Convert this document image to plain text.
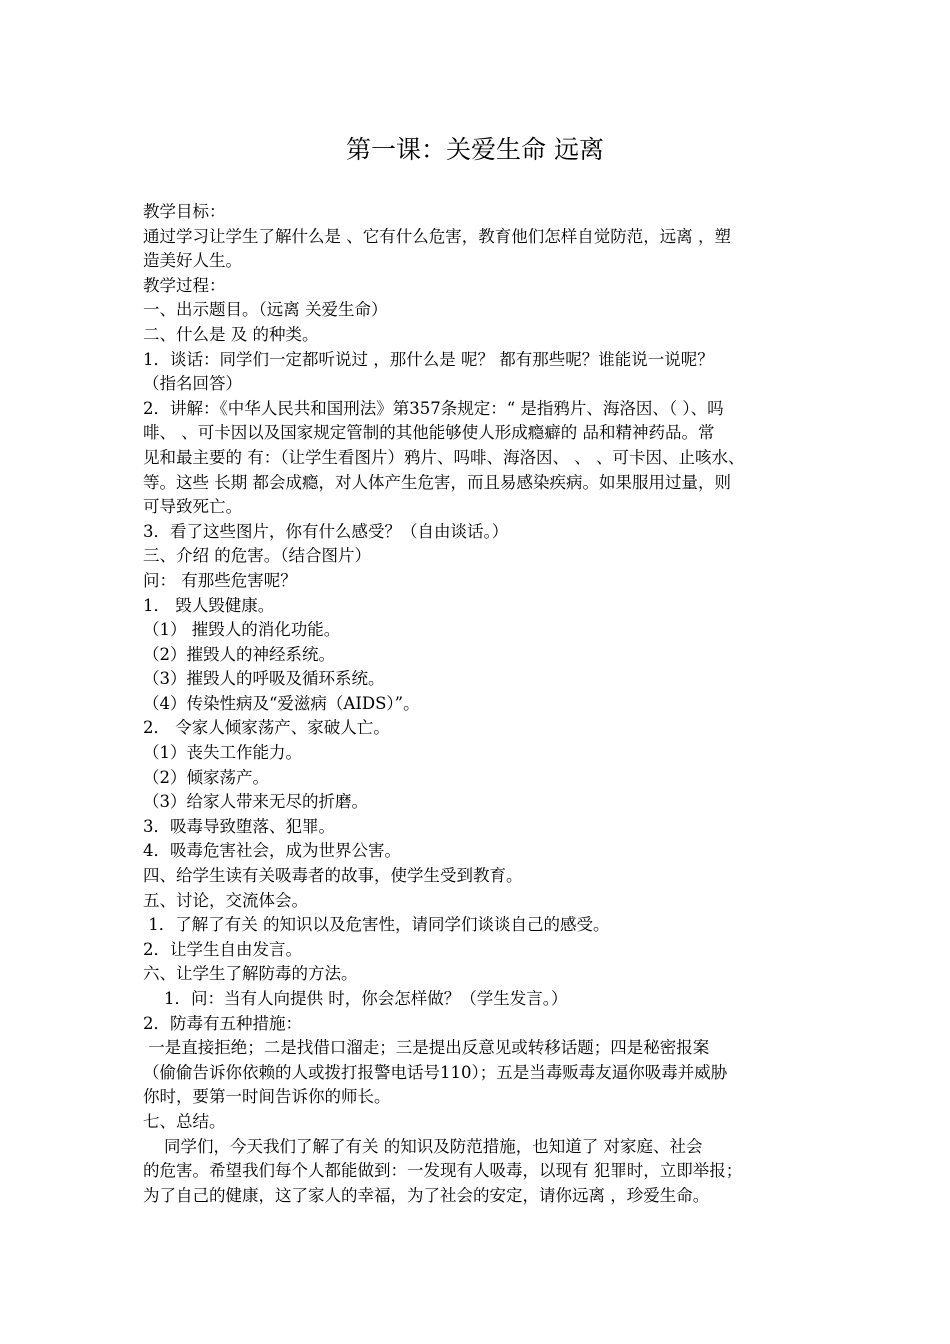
第一课：关爱生命 远离
教学目标：
通过学习让学生了解什么是 、它有什么危害，教育他们怎样自觉防范，远离 ，塑
造美好人生。
教学过程：
一、出示题目。（远离 关爱生命）
二、什么是 及 的种类。
1．谈话：同学们一定都听说过 ，那什么是 呢？ 都有那些呢？谁能说一说呢？
（指名回答）
2．讲解：《中华人民共和国刑法》第357条规定：“ 是指鸦片、海洛因、（ ）、吗
啡、 、可卡因以及国家规定管制的其他能够使人形成瘾癖的 品和精神药品。常
见和最主要的 有：（让学生看图片）鸦片、吗啡、海洛因、 、 、可卡因、止咳水、
等。这些 长期 都会成瘾，对人体产生危害，而且易感染疾病。如果服用过量，则
可导致死亡。
3．看了这些图片，你有什么感受？（自由谈话。）
三、介绍 的危害。（结合图片）
问： 有那些危害呢？
1． 毁人毁健康。
（1） 摧毁人的消化功能。
（2）摧毁人的神经系统。
（3）摧毁人的呼吸及循环系统。
（4）传染性病及“爱滋病（AIDS）”。
2． 令家人倾家荡产、家破人亡。
（1）丧失工作能力。
（2）倾家荡产。
（3）给家人带来无尽的折磨。
3．吸毒导致堕落、犯罪。
4．吸毒危害社会，成为世界公害。
四、给学生读有关吸毒者的故事，使学生受到教育。
五、讨论，交流体会。
1．了解了有关 的知识以及危害性，请同学们谈谈自己的感受。
2．让学生自由发言。
六、让学生了解防毒的方法。
1．问：当有人向提供 时，你会怎样做？（学生发言。）
2．防毒有五种措施：
一是直接拒绝；二是找借口溜走；三是提出反意见或转移话题；四是秘密报案
（偷偷告诉你依赖的人或拨打报警电话号110）；五是当毒贩毒友逼你吸毒并威胁
你时，要第一时间告诉你的师长。
七、总结。
同学们，今天我们了解了有关 的知识及防范措施，也知道了 对家庭、社会
的危害。希望我们每个人都能做到：一发现有人吸毒，以现有 犯罪时，立即举报；
为了自己的健康，这了家人的幸福，为了社会的安定，请你远离 ，珍爱生命。
